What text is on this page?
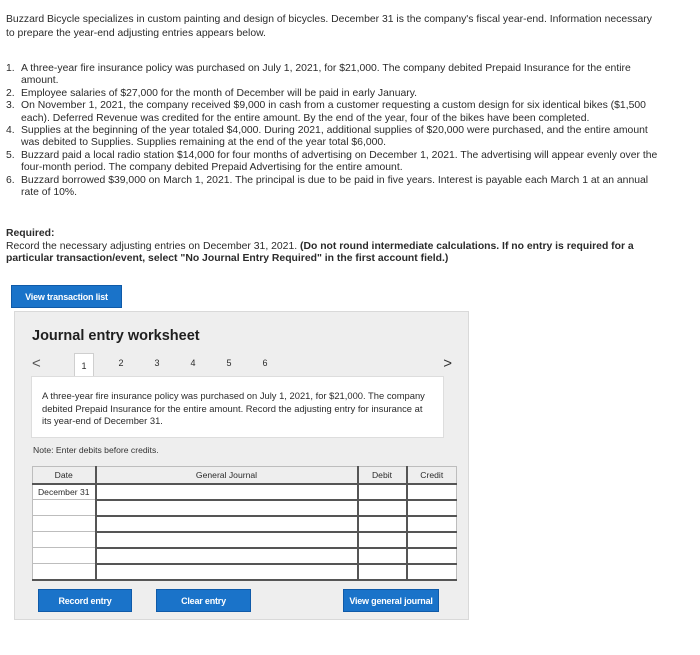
Buzzard Bicycle specializes in custom painting and design of bicycles. December 31 is the company's fiscal year-end. Information necessary to prepare the year-end adjusting entries appears below.

1. A three-year fire insurance policy was purchased on July 1, 2021, for $21,000. The company debited Prepaid Insurance for the entire amount.
2. Employee salaries of $27,000 for the month of December will be paid in early January.
3. On November 1, 2021, the company received $9,000 in cash from a customer requesting a custom design for six identical bikes ($1,500 each). Deferred Revenue was credited for the entire amount. By the end of the year, four of the bikes have been completed.
4. Supplies at the beginning of the year totaled $4,000. During 2021, additional supplies of $20,000 were purchased, and the entire amount was debited to Supplies. Supplies remaining at the end of the year total $6,000.
5. Buzzard paid a local radio station $14,000 for four months of advertising on December 1, 2021. The advertising will appear evenly over the four-month period. The company debited Prepaid Advertising for the entire amount.
6. Buzzard borrowed $39,000 on March 1, 2021. The principal is due to be paid in five years. Interest is payable each March 1 at an annual rate of 10%.
Required:
Record the necessary adjusting entries on December 31, 2021. (Do not round intermediate calculations. If no entry is required for a particular transaction/event, select "No Journal Entry Required" in the first account field.)
View transaction list
Journal entry worksheet
<	1	2	3	4	5	6	>
A three-year fire insurance policy was purchased on July 1, 2021, for $21,000. The company debited Prepaid Insurance for the entire amount. Record the adjusting entry for insurance at its year-end of December 31.
Note: Enter debits before credits.
Date	General Journal	Debit	Credit
December 31			

Record entry	Clear entry	View general journal
